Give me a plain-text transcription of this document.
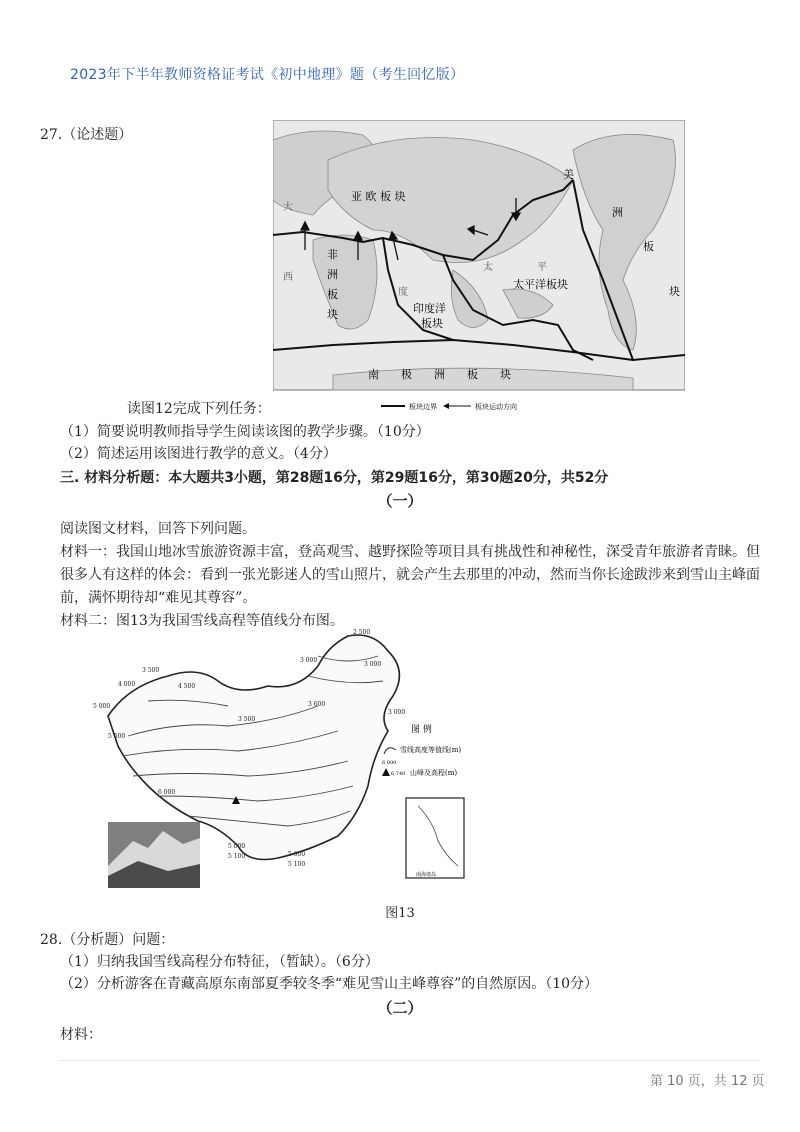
2023年下半年教师资格证考试《初中地理》题（考生回忆版）
27.（论述题）
亚 欧 板 块
美
洲
板
块
非
洲
板
块
太平洋板块
太	平
印度洋
板块
度
大
西
南　　极　　洲　　板　　块
板块边界	板块运动方向
读图12完成下列任务：
（1）简要说明教师指导学生阅读该图的教学步骤。（10分）
（2）简述运用该图进行教学的意义。（4分）
三. 材料分析题：本大题共3小题，第28题16分，第29题16分，第30题20分，共52分
（一）
阅读图文材料，回答下列问题。
材料一：我国山地冰雪旅游资源丰富，登高观雪、越野探险等项目具有挑战性和神秘性，深受青年旅游者青睐。但很多人有这样的体会：看到一张光影迷人的雪山照片，就会产生去那里的冲动，然而当你长途跋涉来到雪山主峰面前，满怀期待却“难见其尊容”。
材料二：图13为我国雪线高程等值线分布图。
2 500
3 000
3 500
4 000	4 500
5 000
5 500
6 000
5 000
5 100
5 000
5 100
3 600
3 500
3 000
3 000
图 例
6 000
雪线高度等值线(m)
6 740 山峰及高程(m)
南海诸岛
图13
28.（分析题）问题：
（1）归纳我国雪线高程分布特征，（暂缺）。（6分）
（2）分析游客在青藏高原东南部夏季较冬季“难见雪山主峰尊容”的自然原因。（10分）
（二）
材料：
第 10 页，共 12 页
